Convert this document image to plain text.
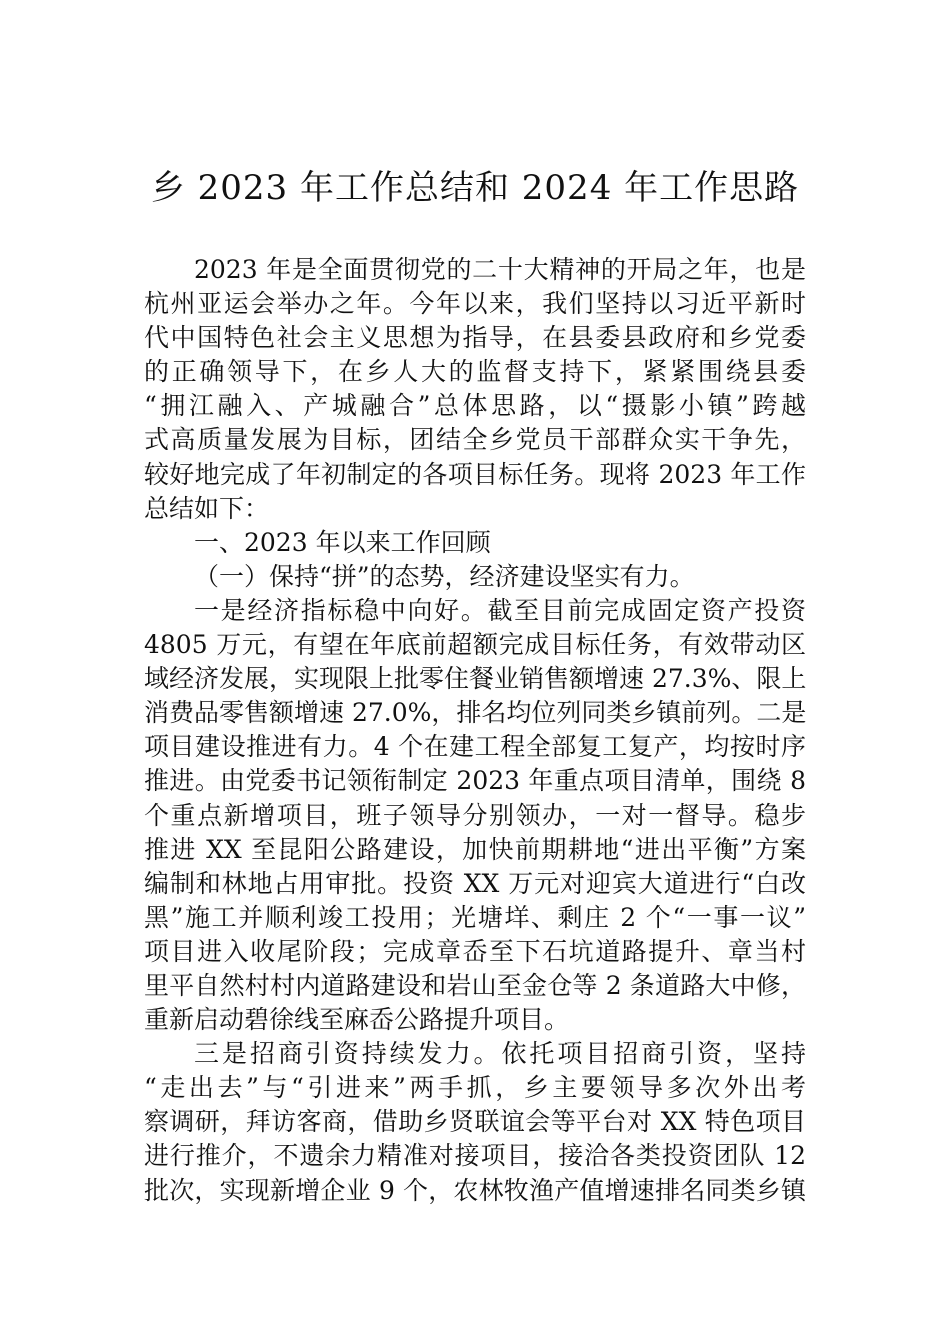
乡 2023 年工作总结和 2024 年工作思路
2023 年是全面贯彻党的二十大精神的开局之年，也是
杭州亚运会举办之年。今年以来，我们坚持以习近平新时
代中国特色社会主义思想为指导，在县委县政府和乡党委
的正确领导下，在乡人大的监督支持下，紧紧围绕县委
“拥江融入、产城融合”总体思路，以“摄影小镇”跨越
式高质量发展为目标，团结全乡党员干部群众实干争先，
较好地完成了年初制定的各项目标任务。现将 2023 年工作
总结如下：
一、2023 年以来工作回顾
（一）保持“拼”的态势，经济建设坚实有力。
一是经济指标稳中向好。截至目前完成固定资产投资
4805 万元，有望在年底前超额完成目标任务，有效带动区
域经济发展，实现限上批零住餐业销售额增速 27.3%、限上
消费品零售额增速 27.0%，排名均位列同类乡镇前列。二是
项目建设推进有力。4 个在建工程全部复工复产，均按时序
推进。由党委书记领衔制定 2023 年重点项目清单，围绕 8
个重点新增项目，班子领导分别领办，一对一督导。稳步
推进 XX 至昆阳公路建设，加快前期耕地“进出平衡”方案
编制和林地占用审批。投资 XX 万元对迎宾大道进行“白改
黑”施工并顺利竣工投用；光塘垟、剩庄 2 个“一事一议”
项目进入收尾阶段；完成章岙至下石坑道路提升、章当村
里平自然村村内道路建设和岩山至金仓等 2 条道路大中修，
重新启动碧徐线至麻岙公路提升项目。
三是招商引资持续发力。依托项目招商引资，坚持
“走出去”与“引进来”两手抓，乡主要领导多次外出考
察调研，拜访客商，借助乡贤联谊会等平台对 XX 特色项目
进行推介，不遗余力精准对接项目，接洽各类投资团队 12
批次，实现新增企业 9 个，农林牧渔产值增速排名同类乡镇
